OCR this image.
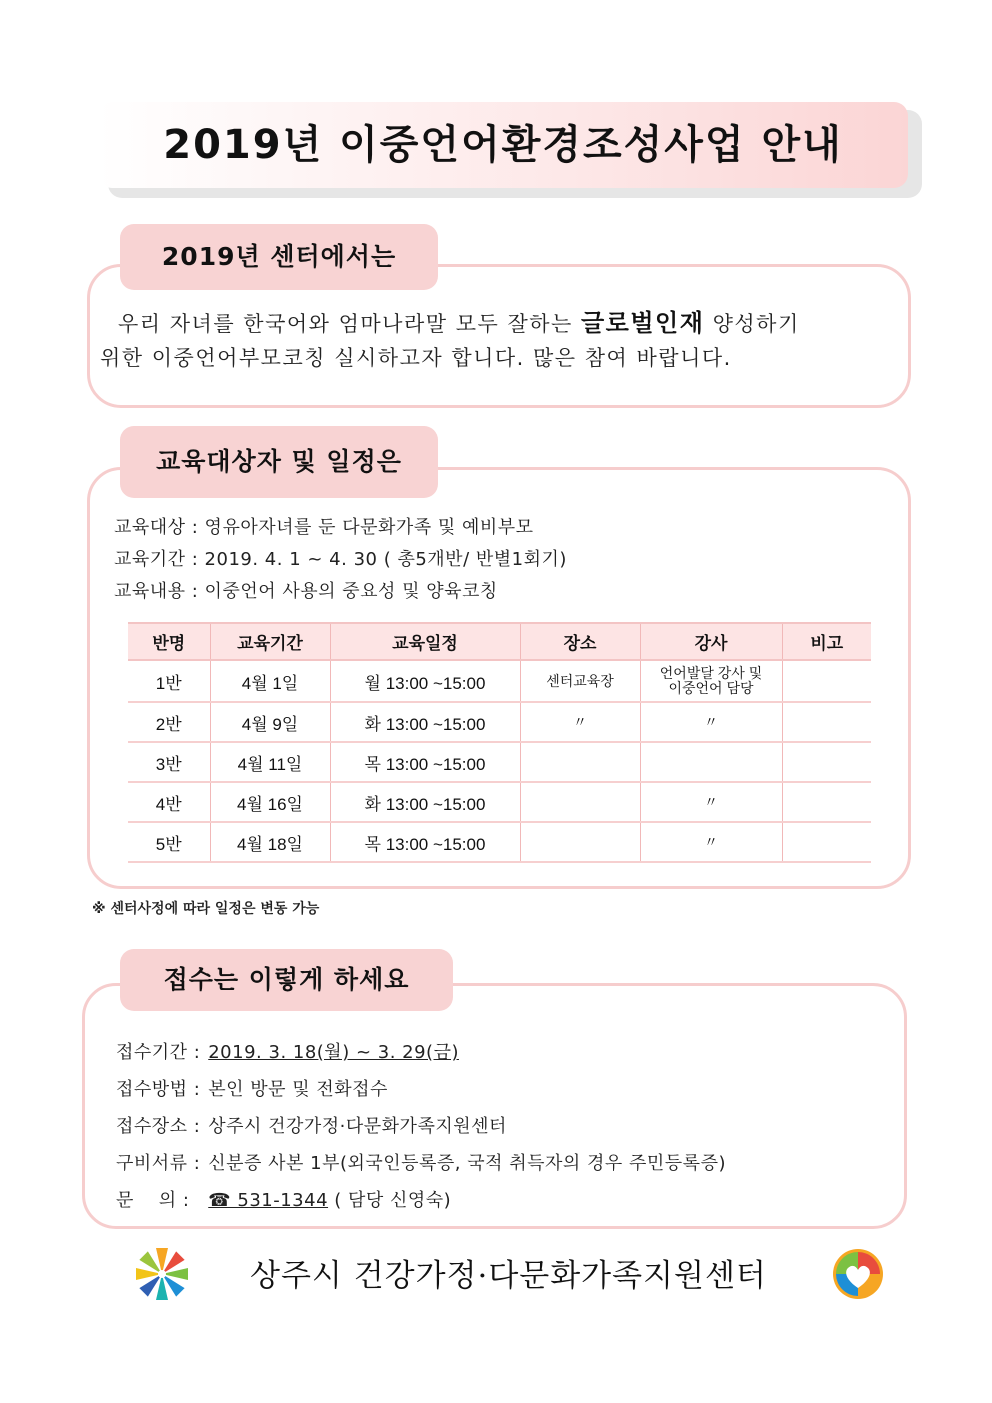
2019년 이중언어환경조성사업 안내
2019년 센터에서는
우리 자녀를 한국어와 엄마나라말 모두 잘하는 글로벌인재 양성하기
위한 이중언어부모코칭 실시하고자 합니다. 많은 참여 바랍니다.
교육대상자 및 일정은
교육대상 : 영유아자녀를 둔 다문화가족 및 예비부모
교육기간 : 2019. 4. 1 ~ 4. 30 ( 총5개반/ 반별1회기)
교육내용 : 이중언어 사용의 중요성 및 양육코칭
반명	교육기간	교육일정	장소	강사	비고
1반	4월 1일	월 13:00 ~15:00	센터교육장	언어발달 강사 및 이중언어 담당	
2반	4월 9일	화 13:00 ~15:00	〃	〃	
3반	4월 11일	목 13:00 ~15:00			
4반	4월 16일	화 13:00 ~15:00		〃	
5반	4월 18일	목 13:00 ~15:00		〃	
※ 센터사정에 따라 일정은 변동 가능
접수는 이렇게 하세요
접수기간 : 2019. 3. 18(월) ~ 3. 29(금)
접수방법 : 본인 방문 및 전화접수
접수장소 : 상주시 건강가정·다문화가족지원센터
구비서류 : 신분증 사본 1부(외국인등록증, 국적 취득자의 경우 주민등록증)
문    의 : ☎ 531-1344 ( 담당 신영숙)
상주시 건강가정·다문화가족지원센터
